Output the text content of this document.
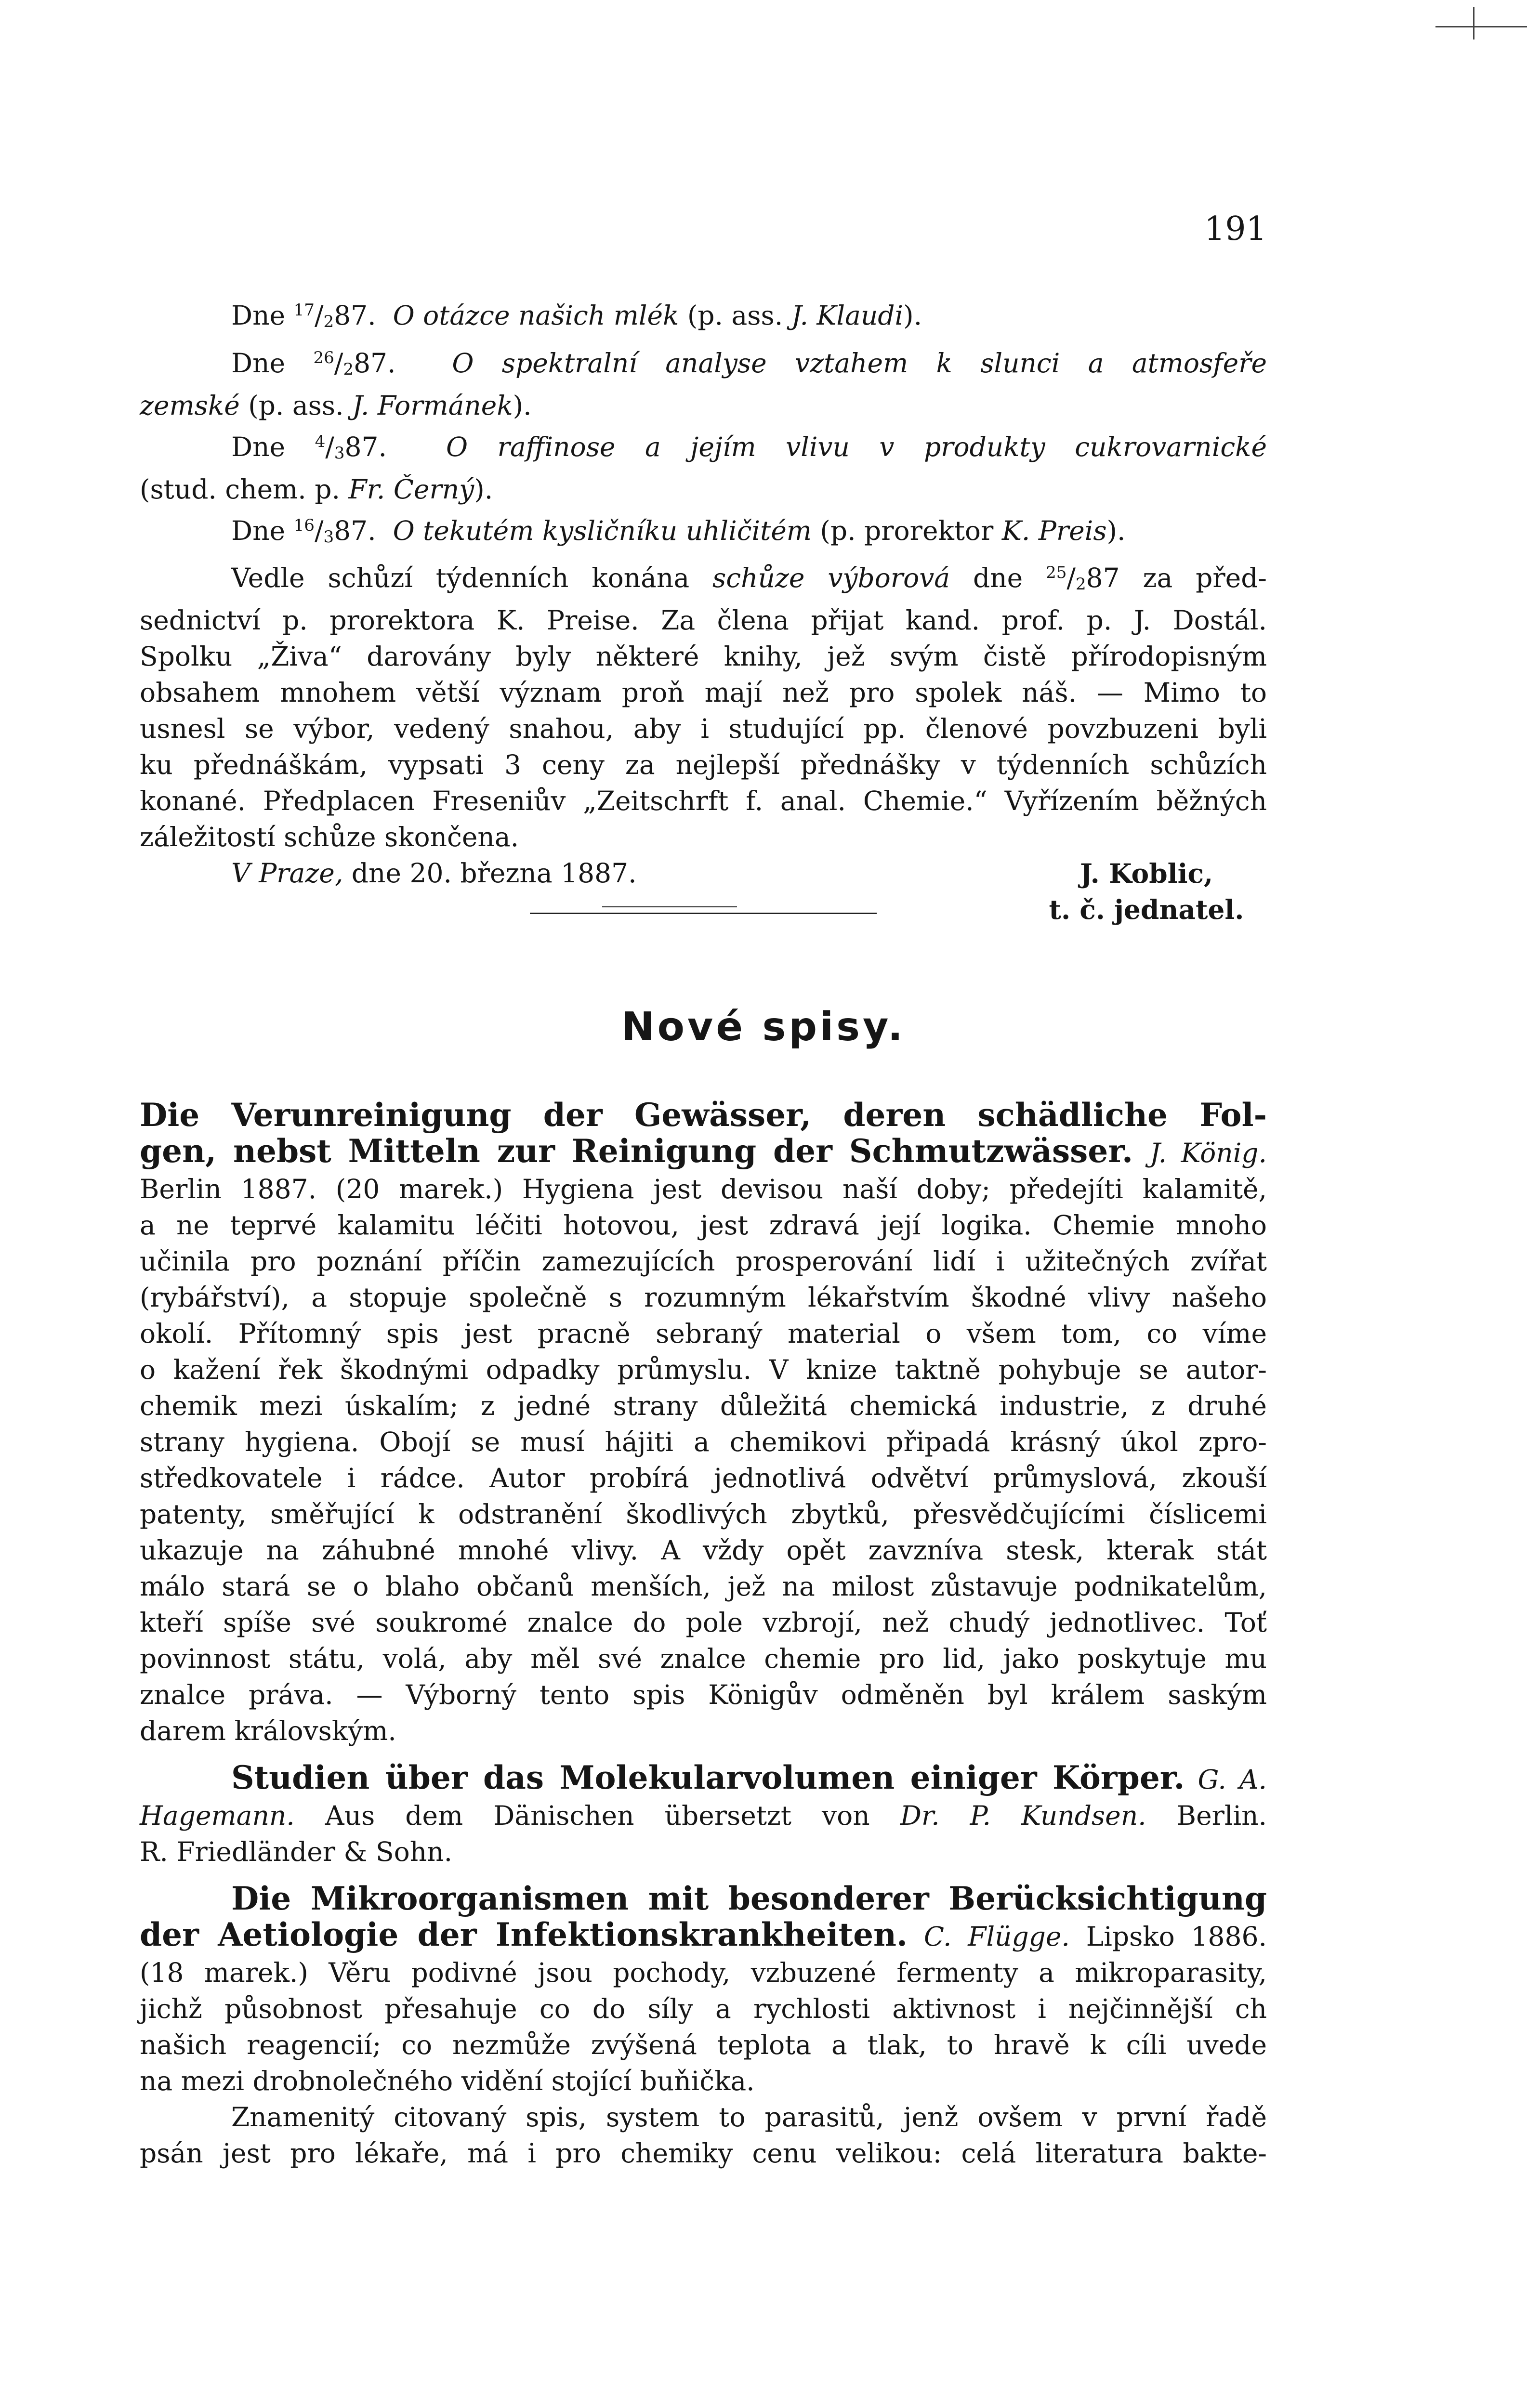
191

Dne $^{17}$/287. O otázce našich mlék (p. ass. J. Klaudi).

Dne $^{26}$/287. O spektralní analyse vztahem k slunci a atmosfeře

zemské (p. ass. J. Formánek).

Dne $^4$/387. O raffinose a jejím vlivu v produkty cukrovarnické

(stud. chem. p. Fr. Černý).

Dne $^{16}$/387. O tekutém kysličníku uhličitém (p. prorektor K. Preis).

Vedle schůzí týdenních konána schůze výborová dne $^{25}$/287 za před-

sednictví p. prorektora K. Preise. Za člena přijat kand. prof. p. J. Dostál.

Spolku „Živa“ darovány byly některé knihy, jež svým čistě přírodopisným

obsahem mnohem větší význam proň mají než pro spolek náš. — Mimo to

usnesl se výbor, vedený snahou, aby i studující pp. členové povzbuzeni byli

ku přednáškám, vypsati 3 ceny za nejlepší přednášky v týdenních schůzích

konané. Předplacen Freseniův „Zeitschrft f. anal. Chemie.“ Vyřízením běžných

záležitostí schůze skončena.

V Praze, dne 20. března 1887.	J. Koblic,
t. č. jednatel.
Nové spisy.

Die Verunreinigung der Gewässer, deren schädliche Fol-

gen, nebst Mitteln zur Reinigung der Schmutzwässer. J. König.

Berlin 1887. (20 marek.) Hygiena jest devisou naší doby; předejíti kalamitě,

a ne teprvé kalamitu léčiti hotovou, jest zdravá její logika. Chemie mnoho

učinila pro poznání příčin zamezujících prosperování lidí i užitečných zvířat

(rybářství), a stopuje společně s rozumným lékařstvím škodné vlivy našeho

okolí. Přítomný spis jest pracně sebraný material o všem tom, co víme

o kažení řek škodnými odpadky průmyslu. V knize taktně pohybuje se autor-

chemik mezi úskalím; z jedné strany důležitá chemická industrie, z druhé

strany hygiena. Obojí se musí hájiti a chemikovi připadá krásný úkol zpro-

středkovatele i rádce. Autor probírá jednotlivá odvětví průmyslová, zkouší

patenty, směřující k odstranění škodlivých zbytků, přesvědčujícími číslicemi

ukazuje na záhubné mnohé vlivy. A vždy opět zavzníva stesk, kterak stát

málo stará se o blaho občanů menších, jež na milost zůstavuje podnikatelům,

kteří spíše své soukromé znalce do pole vzbrojí, než chudý jednotlivec. Toť

povinnost státu, volá, aby měl své znalce chemie pro lid, jako poskytuje mu

znalce práva. — Výborný tento spis Königův odměněn byl králem saským

darem královským.

Studien über das Molekularvolumen einiger Körper. G. A.

Hagemann. Aus dem Dänischen übersetzt von Dr. P. Kundsen. Berlin.

R. Friedländer & Sohn.

Die Mikroorganismen mit besonderer Berücksichtigung

der Aetiologie der Infektionskrankheiten. C. Flügge. Lipsko 1886.

(18 marek.) Věru podivné jsou pochody, vzbuzené fermenty a mikroparasity,

jichž působnost přesahuje co do síly a rychlosti aktivnost i nejčinnější ch

našich reagencií; co nezmůže zvýšená teplota a tlak, to hravě k cíli uvede

na mezi drobnolečného vidění stojící buňička.

Znamenitý citovaný spis, system to parasitů, jenž ovšem v první řadě

psán jest pro lékaře, má i pro chemiky cenu velikou: celá literatura bakte-
